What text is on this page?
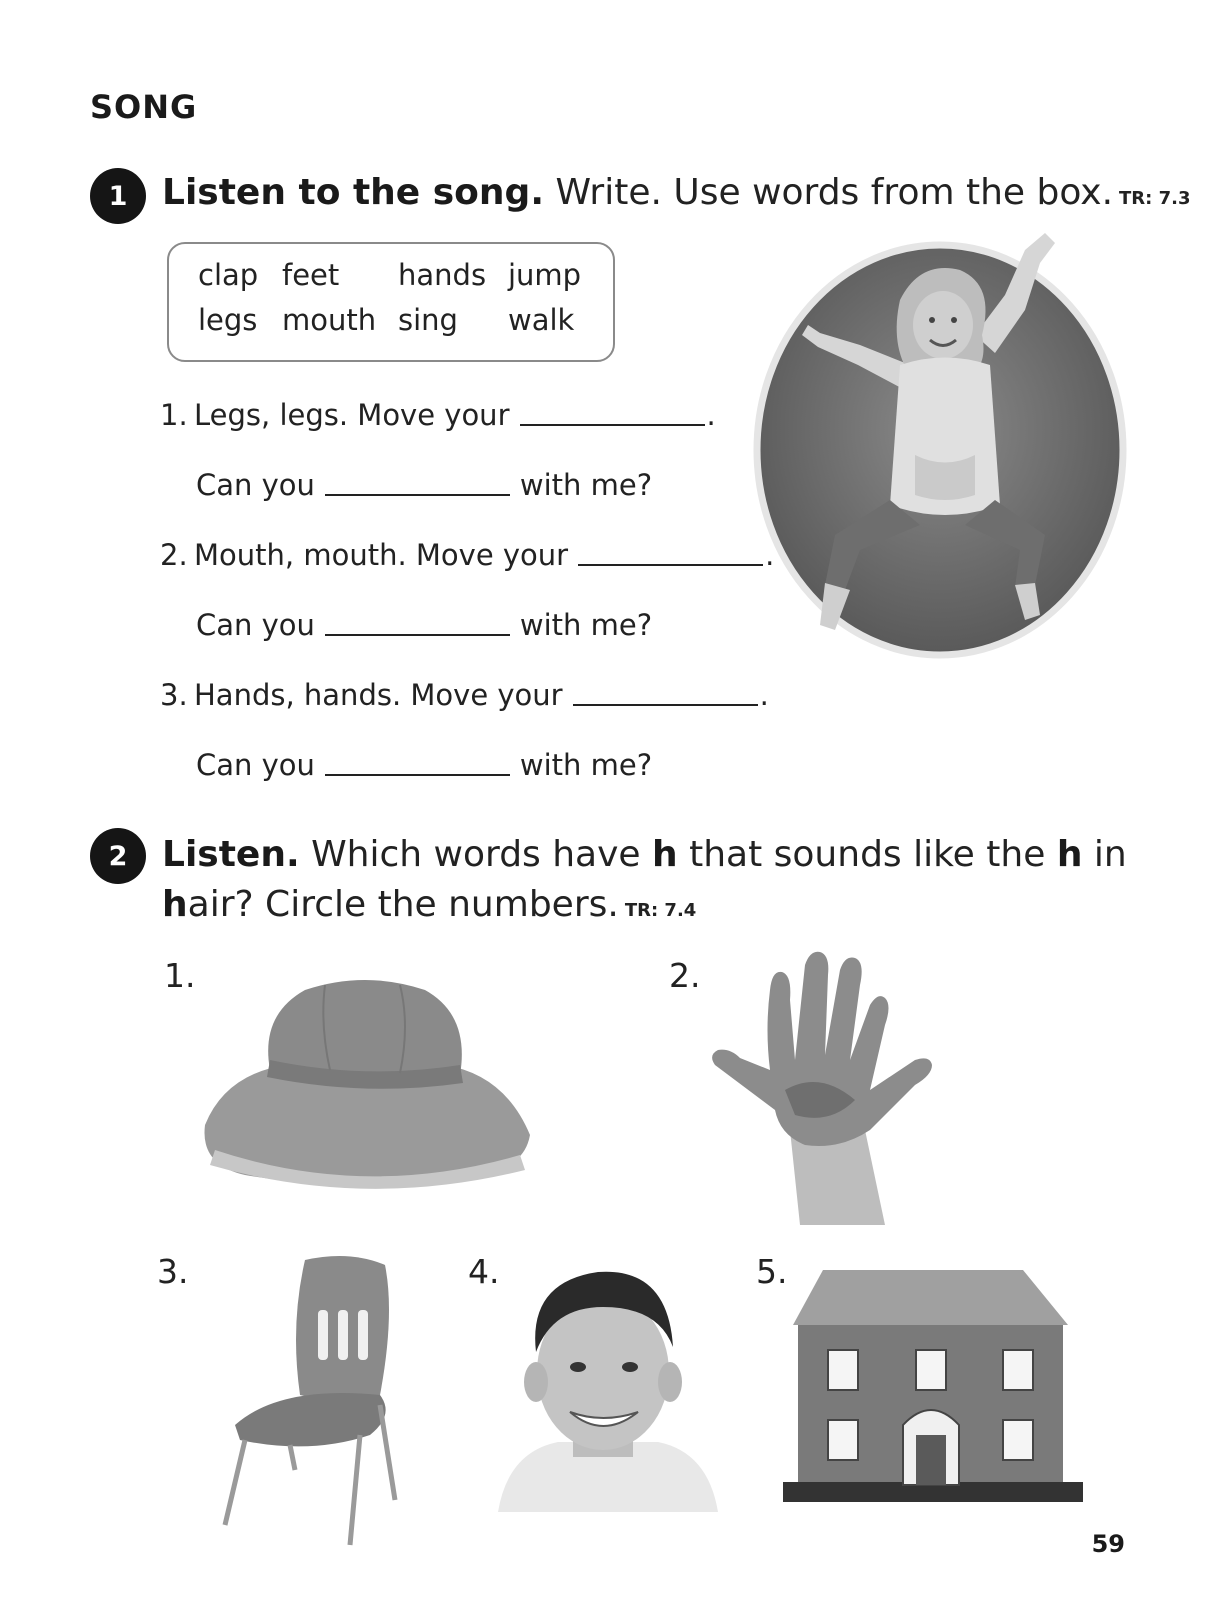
SONG
1 Listen to the song. Write. Use words from the box. TR: 7.3
clap feet hands jump
legs mouth sing walk
1. Legs, legs. Move your	.
Can you	with me?
2. Mouth, mouth. Move your	.
Can you	with me?
3. Hands, hands. Move your	.
Can you	with me?
2 Listen. Which words have h that sounds like the h in
hair? Circle the numbers. TR: 7.4
1.	2.
3.	4.	5.
59
